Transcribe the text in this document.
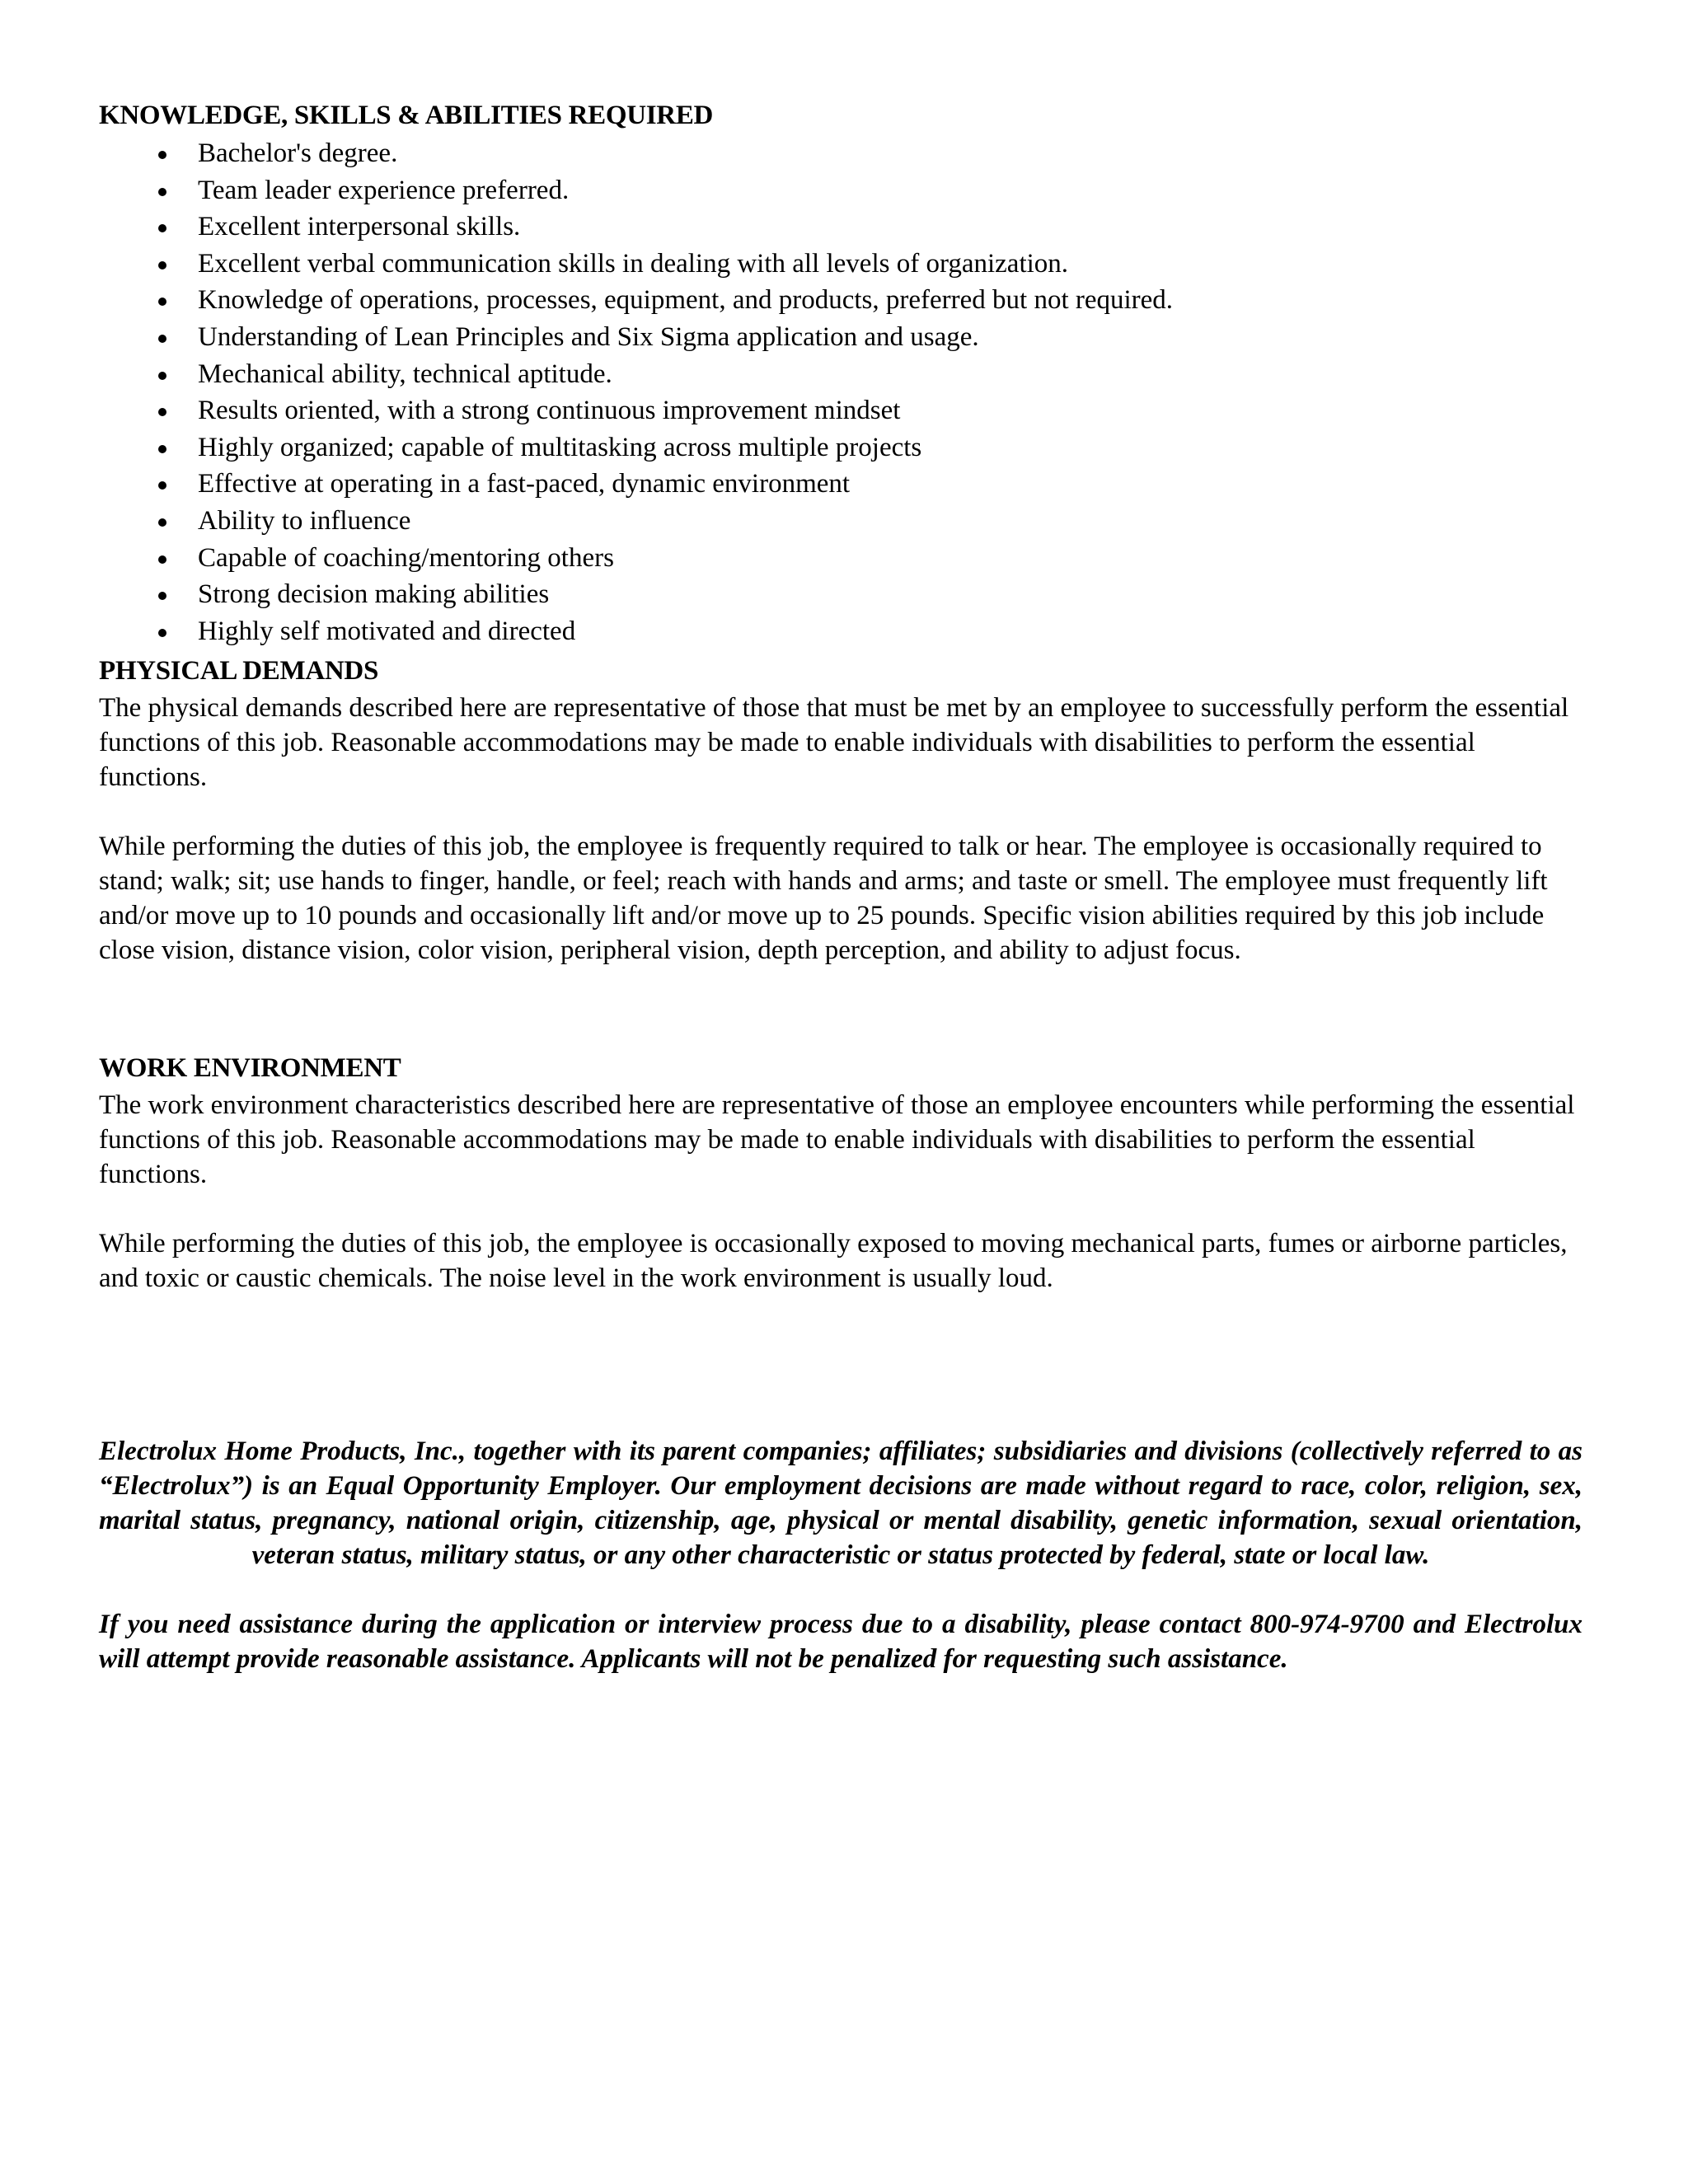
KNOWLEDGE, SKILLS & ABILITIES REQUIRED
Bachelor's degree.
Team leader experience preferred.
Excellent interpersonal skills.
Excellent verbal communication skills in dealing with all levels of organization.
Knowledge of operations, processes, equipment, and products, preferred but not required.
Understanding of Lean Principles and Six Sigma application and usage.
Mechanical ability, technical aptitude.
Results oriented, with a strong continuous improvement mindset
Highly organized; capable of multitasking across multiple projects
Effective at operating in a fast-paced, dynamic environment
Ability to influence
Capable of coaching/mentoring others
Strong decision making abilities
Highly self motivated and directed
PHYSICAL DEMANDS

The physical demands described here are representative of those that must be met by an employee to successfully perform the essential functions of this job. Reasonable accommodations may be made to enable individuals with disabilities to perform the essential functions.

While performing the duties of this job, the employee is frequently required to talk or hear. The employee is occasionally required to stand; walk; sit; use hands to finger, handle, or feel; reach with hands and arms; and taste or smell. The employee must frequently lift and/or move up to 10 pounds and occasionally lift and/or move up to 25 pounds. Specific vision abilities required by this job include close vision, distance vision, color vision, peripheral vision, depth perception, and ability to adjust focus.

WORK ENVIRONMENT

The work environment characteristics described here are representative of those an employee encounters while performing the essential functions of this job. Reasonable accommodations may be made to enable individuals with disabilities to perform the essential functions.

While performing the duties of this job, the employee is occasionally exposed to moving mechanical parts, fumes or airborne particles, and toxic or caustic chemicals. The noise level in the work environment is usually loud.

Electrolux Home Products, Inc., together with its parent companies; affiliates; subsidiaries and divisions (collectively referred to as “Electrolux”) is an Equal Opportunity Employer. Our employment decisions are made without regard to race, color, religion, sex, marital status, pregnancy, national origin, citizenship, age, physical or mental disability, genetic information, sexual orientation, veteran status, military status, or any other characteristic or status protected by federal, state or local law.

If you need assistance during the application or interview process due to a disability, please contact 800-974-9700 and Electrolux will attempt provide reasonable assistance. Applicants will not be penalized for requesting such assistance.
